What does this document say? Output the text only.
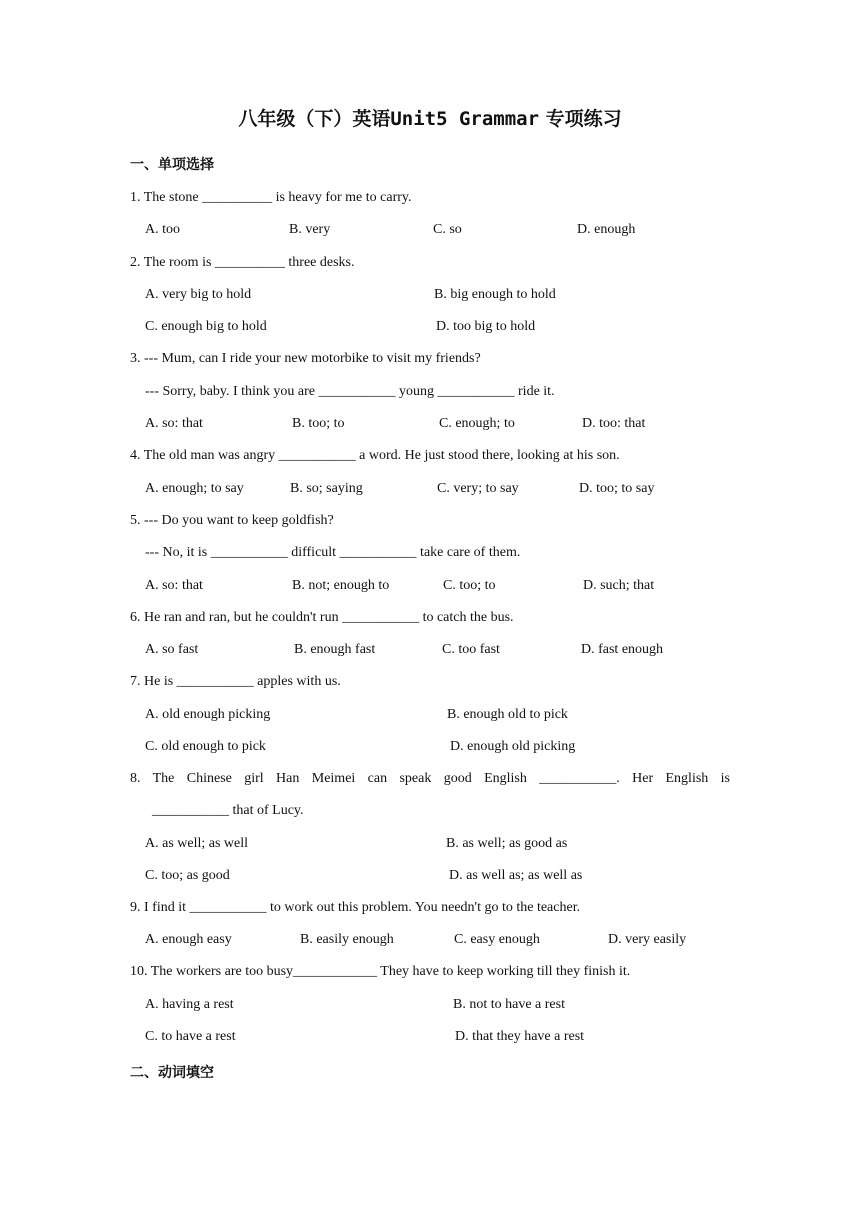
八年级（下）英语Unit5 Grammar 专项练习
一、单项选择
1. The stone __________ is heavy for me to carry.
A. too	B. very	C. so	D. enough
2. The room is __________ three desks.
A. very big to hold	B. big enough to hold
C. enough big to hold	D. too big to hold
3. --- Mum, can I ride your new motorbike to visit my friends?
--- Sorry, baby. I think you are ___________ young ___________ ride it.
A. so: that	B. too; to	C. enough; to	D. too: that
4. The old man was angry ___________ a word. He just stood there, looking at his son.
A. enough; to say	B. so; saying	C. very; to say	D. too; to say
5. --- Do you want to keep goldfish?
--- No, it is ___________ difficult ___________ take care of them.
A. so: that	B. not; enough to	C. too; to	D. such; that
6. He ran and ran, but he couldn't run ___________ to catch the bus.
A. so fast	B. enough fast	C. too fast	D. fast enough
7. He is ___________ apples with us.
A. old enough picking	B. enough old to pick
C. old enough to pick	D. enough old picking
8. The Chinese girl Han Meimei can speak good English ___________. Her English is
___________ that of Lucy.
A. as well; as well	B. as well; as good as
C. too; as good	D. as well as; as well as
9. I find it ___________ to work out this problem. You needn't go to the teacher.
A. enough easy	B. easily enough	C. easy enough	D. very easily
10. The workers are too busy____________ They have to keep working till they finish it.
A. having a rest	B. not to have a rest
C. to have a rest	D. that they have a rest
二、动词填空
